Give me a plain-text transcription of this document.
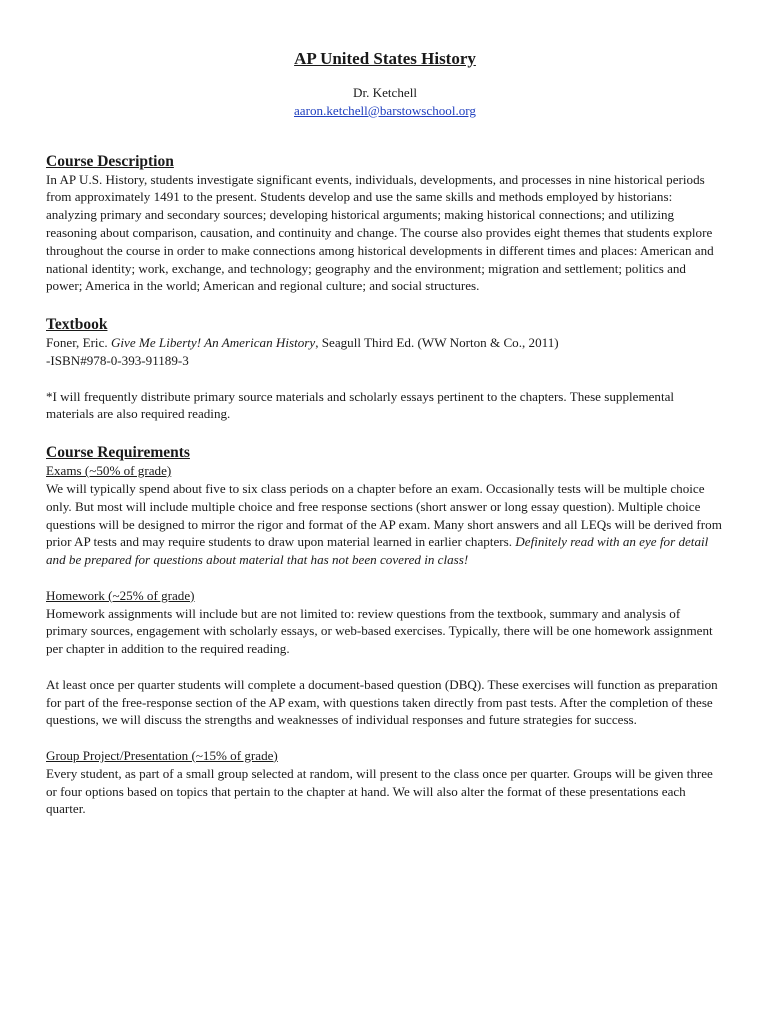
AP United States History

Dr. Ketchell

aaron.ketchell@barstowschool.org

Course Description

In AP U.S. History, students investigate significant events, individuals, developments, and processes in nine historical periods from approximately 1491 to the present. Students develop and use the same skills and methods employed by historians: analyzing primary and secondary sources; developing historical arguments; making historical connections; and utilizing reasoning about comparison, causation, and continuity and change. The course also provides eight themes that students explore throughout the course in order to make connections among historical developments in different times and places: American and national identity; work, exchange, and technology; geography and the environment; migration and settlement; politics and power; America in the world; American and regional culture; and social structures.

Textbook

Foner, Eric. Give Me Liberty! An American History, Seagull Third Ed. (WW Norton & Co., 2011)

-ISBN#978-0-393-91189-3

*I will frequently distribute primary source materials and scholarly essays pertinent to the chapters. These supplemental materials are also required reading.

Course Requirements

Exams (~50% of grade)

We will typically spend about five to six class periods on a chapter before an exam. Occasionally tests will be multiple choice only. But most will include multiple choice and free response sections (short answer or long essay question). Multiple choice questions will be designed to mirror the rigor and format of the AP exam. Many short answers and all LEQs will be derived from prior AP tests and may require students to draw upon material learned in earlier chapters. Definitely read with an eye for detail and be prepared for questions about material that has not been covered in class!

Homework (~25% of grade)

Homework assignments will include but are not limited to: review questions from the textbook, summary and analysis of primary sources, engagement with scholarly essays, or web-based exercises. Typically, there will be one homework assignment per chapter in addition to the required reading.

At least once per quarter students will complete a document-based question (DBQ). These exercises will function as preparation for part of the free-response section of the AP exam, with questions taken directly from past tests. After the completion of these questions, we will discuss the strengths and weaknesses of individual responses and future strategies for success.

Group Project/Presentation (~15% of grade)

Every student, as part of a small group selected at random, will present to the class once per quarter. Groups will be given three or four options based on topics that pertain to the chapter at hand. We will also alter the format of these presentations each quarter.
